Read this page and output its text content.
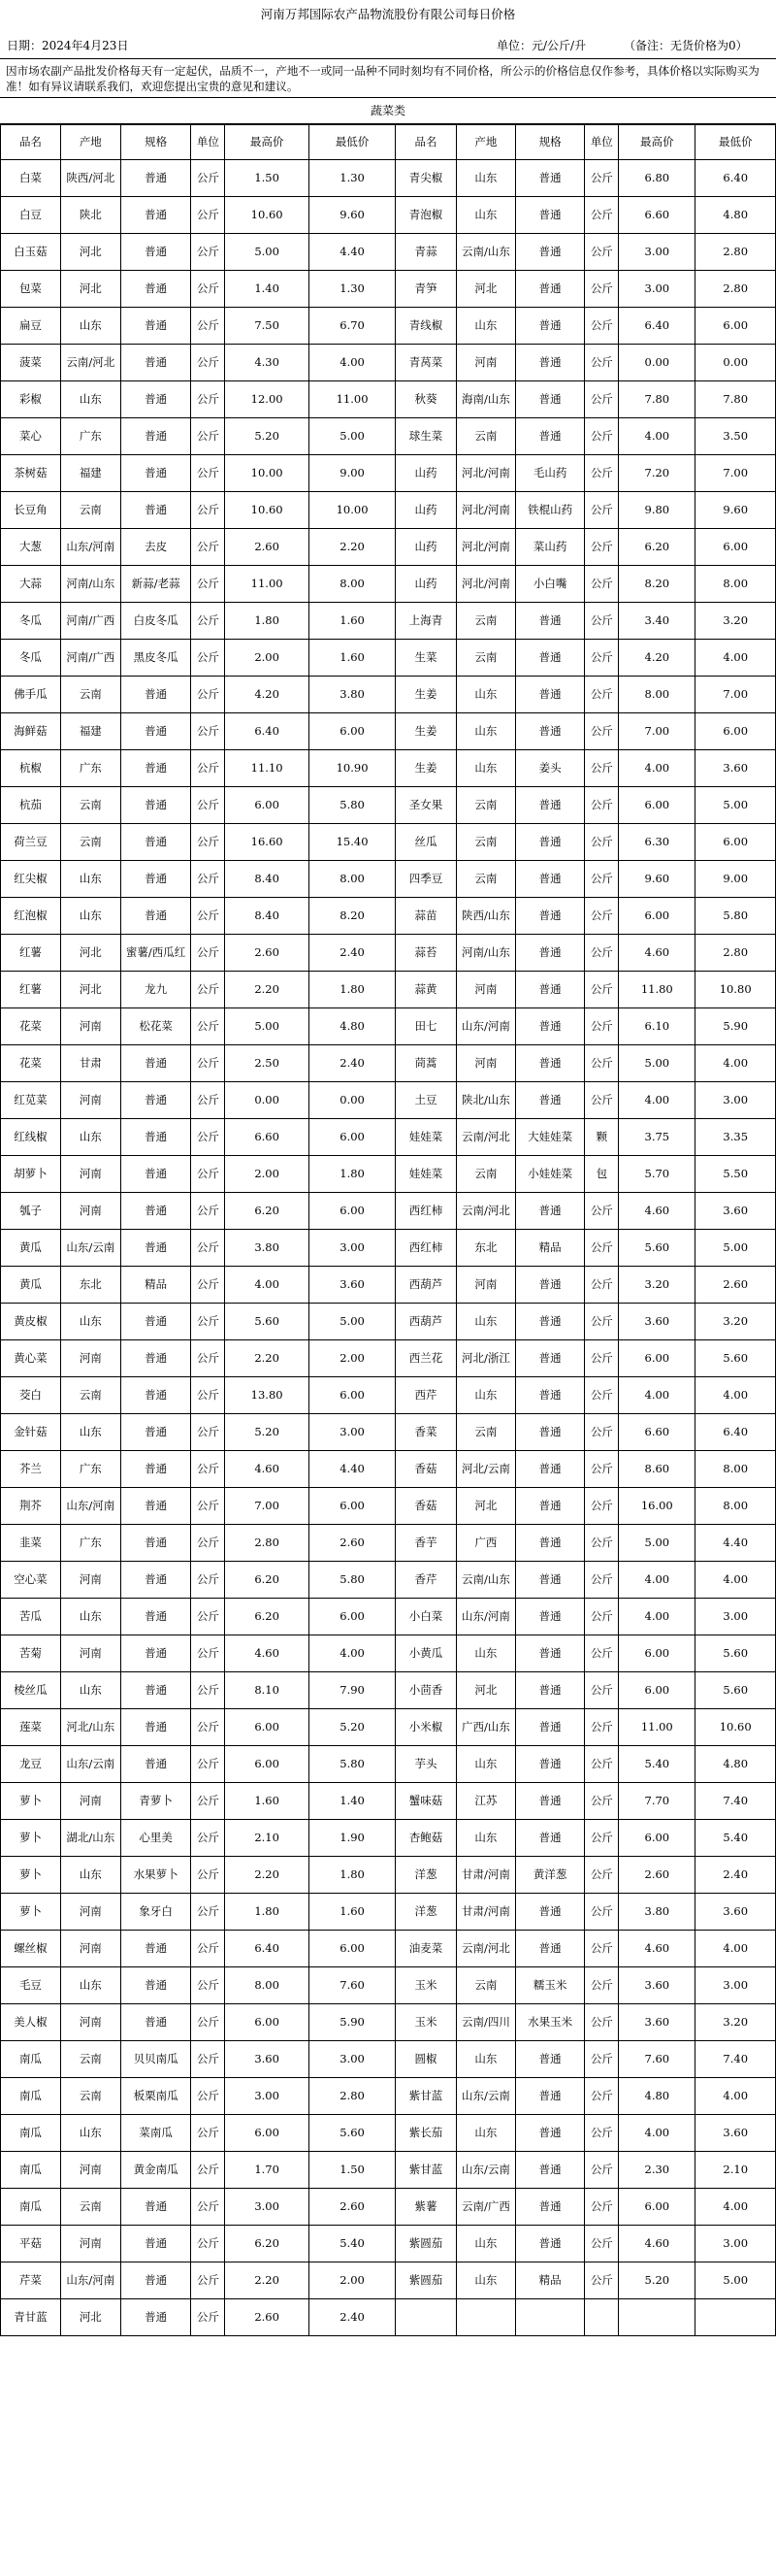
河南万邦国际农产品物流股份有限公司每日价格
日期：2024年4月23日	单位：元/公斤/升	（备注：无货价格为0）
因市场农副产品批发价格每天有一定起伏，品质不一，产地不一或同一品种不同时刻均有不同价格，所公示的价格信息仅作参考，具体价格以实际购买为准！如有异议请联系我们，欢迎您提出宝贵的意见和建议。
蔬菜类
品名	产地	规格	单位	最高价	最低价	品名	产地	规格	单位	最高价	最低价
白菜	陕西/河北	普通	公斤	1.50	1.30	青尖椒	山东	普通	公斤	6.80	6.40
白豆	陕北	普通	公斤	10.60	9.60	青泡椒	山东	普通	公斤	6.60	4.80
白玉菇	河北	普通	公斤	5.00	4.40	青蒜	云南/山东	普通	公斤	3.00	2.80
包菜	河北	普通	公斤	1.40	1.30	青笋	河北	普通	公斤	3.00	2.80
扁豆	山东	普通	公斤	7.50	6.70	青线椒	山东	普通	公斤	6.40	6.00
菠菜	云南/河北	普通	公斤	4.30	4.00	青莴菜	河南	普通	公斤	0.00	0.00
彩椒	山东	普通	公斤	12.00	11.00	秋葵	海南/山东	普通	公斤	7.80	7.80
菜心	广东	普通	公斤	5.20	5.00	球生菜	云南	普通	公斤	4.00	3.50
茶树菇	福建	普通	公斤	10.00	9.00	山药	河北/河南	毛山药	公斤	7.20	7.00
长豆角	云南	普通	公斤	10.60	10.00	山药	河北/河南	铁棍山药	公斤	9.80	9.60
大葱	山东/河南	去皮	公斤	2.60	2.20	山药	河北/河南	菜山药	公斤	6.20	6.00
大蒜	河南/山东	新蒜/老蒜	公斤	11.00	8.00	山药	河北/河南	小白嘴	公斤	8.20	8.00
冬瓜	河南/广西	白皮冬瓜	公斤	1.80	1.60	上海青	云南	普通	公斤	3.40	3.20
冬瓜	河南/广西	黑皮冬瓜	公斤	2.00	1.60	生菜	云南	普通	公斤	4.20	4.00
佛手瓜	云南	普通	公斤	4.20	3.80	生姜	山东	普通	公斤	8.00	7.00
海鲜菇	福建	普通	公斤	6.40	6.00	生姜	山东	普通	公斤	7.00	6.00
杭椒	广东	普通	公斤	11.10	10.90	生姜	山东	姜头	公斤	4.00	3.60
杭茄	云南	普通	公斤	6.00	5.80	圣女果	云南	普通	公斤	6.00	5.00
荷兰豆	云南	普通	公斤	16.60	15.40	丝瓜	云南	普通	公斤	6.30	6.00
红尖椒	山东	普通	公斤	8.40	8.00	四季豆	云南	普通	公斤	9.60	9.00
红泡椒	山东	普通	公斤	8.40	8.20	蒜苗	陕西/山东	普通	公斤	6.00	5.80
红薯	河北	蜜薯/西瓜红	公斤	2.60	2.40	蒜苔	河南/山东	普通	公斤	4.60	2.80
红薯	河北	龙九	公斤	2.20	1.80	蒜黄	河南	普通	公斤	11.80	10.80
花菜	河南	松花菜	公斤	5.00	4.80	田七	山东/河南	普通	公斤	6.10	5.90
花菜	甘肃	普通	公斤	2.50	2.40	茼蒿	河南	普通	公斤	5.00	4.00
红苋菜	河南	普通	公斤	0.00	0.00	土豆	陕北/山东	普通	公斤	4.00	3.00
红线椒	山东	普通	公斤	6.60	6.00	娃娃菜	云南/河北	大娃娃菜	颗	3.75	3.35
胡萝卜	河南	普通	公斤	2.00	1.80	娃娃菜	云南	小娃娃菜	包	5.70	5.50
瓠子	河南	普通	公斤	6.20	6.00	西红柿	云南/河北	普通	公斤	4.60	3.60
黄瓜	山东/云南	普通	公斤	3.80	3.00	西红柿	东北	精品	公斤	5.60	5.00
黄瓜	东北	精品	公斤	4.00	3.60	西葫芦	河南	普通	公斤	3.20	2.60
黄皮椒	山东	普通	公斤	5.60	5.00	西葫芦	山东	普通	公斤	3.60	3.20
黄心菜	河南	普通	公斤	2.20	2.00	西兰花	河北/浙江	普通	公斤	6.00	5.60
茭白	云南	普通	公斤	13.80	6.00	西芹	山东	普通	公斤	4.00	4.00
金针菇	山东	普通	公斤	5.20	3.00	香菜	云南	普通	公斤	6.60	6.40
芥兰	广东	普通	公斤	4.60	4.40	香菇	河北/云南	普通	公斤	8.60	8.00
荆芥	山东/河南	普通	公斤	7.00	6.00	香菇	河北	普通	公斤	16.00	8.00
韭菜	广东	普通	公斤	2.80	2.60	香芋	广西	普通	公斤	5.00	4.40
空心菜	河南	普通	公斤	6.20	5.80	香芹	云南/山东	普通	公斤	4.00	4.00
苦瓜	山东	普通	公斤	6.20	6.00	小白菜	山东/河南	普通	公斤	4.00	3.00
苦菊	河南	普通	公斤	4.60	4.00	小黄瓜	山东	普通	公斤	6.00	5.60
棱丝瓜	山东	普通	公斤	8.10	7.90	小茴香	河北	普通	公斤	6.00	5.60
莲菜	河北/山东	普通	公斤	6.00	5.20	小米椒	广西/山东	普通	公斤	11.00	10.60
龙豆	山东/云南	普通	公斤	6.00	5.80	芋头	山东	普通	公斤	5.40	4.80
萝卜	河南	青萝卜	公斤	1.60	1.40	蟹味菇	江苏	普通	公斤	7.70	7.40
萝卜	湖北/山东	心里美	公斤	2.10	1.90	杏鲍菇	山东	普通	公斤	6.00	5.40
萝卜	山东	水果萝卜	公斤	2.20	1.80	洋葱	甘肃/河南	黄洋葱	公斤	2.60	2.40
萝卜	河南	象牙白	公斤	1.80	1.60	洋葱	甘肃/河南	普通	公斤	3.80	3.60
螺丝椒	河南	普通	公斤	6.40	6.00	油麦菜	云南/河北	普通	公斤	4.60	4.00
毛豆	山东	普通	公斤	8.00	7.60	玉米	云南	糯玉米	公斤	3.60	3.00
美人椒	河南	普通	公斤	6.00	5.90	玉米	云南/四川	水果玉米	公斤	3.60	3.20
南瓜	云南	贝贝南瓜	公斤	3.60	3.00	圆椒	山东	普通	公斤	7.60	7.40
南瓜	云南	板栗南瓜	公斤	3.00	2.80	紫甘蓝	山东/云南	普通	公斤	4.80	4.00
南瓜	山东	菜南瓜	公斤	6.00	5.60	紫长茄	山东	普通	公斤	4.00	3.60
南瓜	河南	黄金南瓜	公斤	1.70	1.50	紫甘蓝	山东/云南	普通	公斤	2.30	2.10
南瓜	云南	普通	公斤	3.00	2.60	紫薯	云南/广西	普通	公斤	6.00	4.00
平菇	河南	普通	公斤	6.20	5.40	紫圆茄	山东	普通	公斤	4.60	3.00
芹菜	山东/河南	普通	公斤	2.20	2.00	紫圆茄	山东	精品	公斤	5.20	5.00
青甘蓝	河北	普通	公斤	2.60	2.40						
